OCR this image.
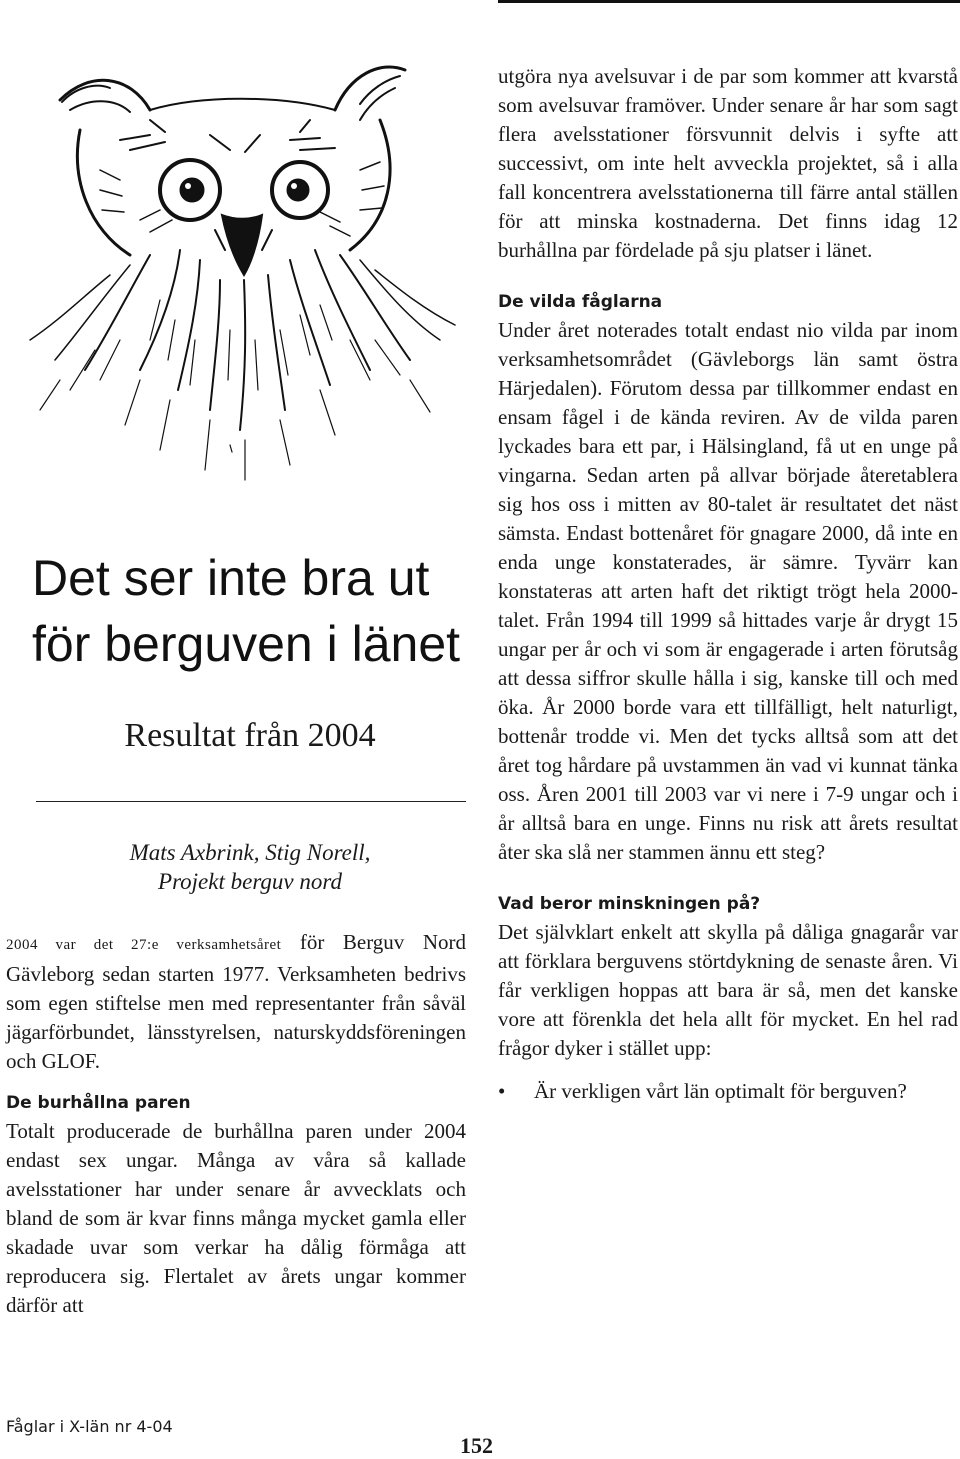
Det ser inte bra ut för berguven i länet
Resultat från 2004
Mats Axbrink, Stig Norell,
Projekt berguv nord

2004 var det 27:e verksamhetsåret för Berguv Nord Gävleborg sedan starten 1977. Verksamheten bedrivs som egen stiftelse men med representanter från såväl jägarförbundet, länsstyrelsen, naturskyddsföreningen och GLOF.

De burhållna paren

Totalt producerade de burhållna paren under 2004 endast sex ungar. Många av våra så kallade avelsstationer har under senare år avvecklats och bland de som är kvar finns många mycket gamla eller skadade uvar som verkar ha dålig förmåga att reproducera sig. Flertalet av årets ungar kommer därför att

utgöra nya avelsuvar i de par som kommer att kvarstå som avelsuvar framöver. Under senare år har som sagt flera avelsstationer försvunnit delvis i syfte att successivt, om inte helt avveckla projektet, så i alla fall koncentrera avelsstationerna till färre antal ställen för att minska kostnaderna. Det finns idag 12 burhållna par fördelade på sju platser i länet.

De vilda fåglarna

Under året noterades totalt endast nio vilda par inom verksamhetsområdet (Gävleborgs län samt östra Härjedalen). Förutom dessa par tillkommer endast en ensam fågel i de kända reviren. Av de vilda paren lyckades bara ett par, i Hälsingland, få ut en unge på vingarna. Sedan arten på allvar började återetablera sig hos oss i mitten av 80-talet är resultatet det näst sämsta. Endast bottenåret för gnagare 2000, då inte en enda unge konstaterades, är sämre. Tyvärr kan konstateras att arten haft det riktigt trögt hela 2000-talet. Från 1994 till 1999 så hittades varje år drygt 15 ungar per år och vi som är engagerade i arten förutsåg att dessa siffror skulle hålla i sig, kanske till och med öka. År 2000 borde vara ett tillfälligt, helt naturligt, bottenår trodde vi. Men det tycks alltså som att det året tog hårdare på uvstammen än vad vi kunnat tänka oss. Åren 2001 till 2003 var vi nere i 7-9 ungar och i år alltså bara en unge. Finns nu risk att årets resultat åter ska slå ner stammen ännu ett steg?

Vad beror minskningen på?

Det självklart enkelt att skylla på dåliga gnagarår var att förklara berguvens störtdykning de senaste åren. Vi får verkligen hoppas att bara är så, men det kanske vore att förenkla det hela allt för mycket. En hel rad frågor dyker i stället upp:

•	Är verkligen vårt län optimalt för berguven?
Fåglar i X-län nr 4-04
152
